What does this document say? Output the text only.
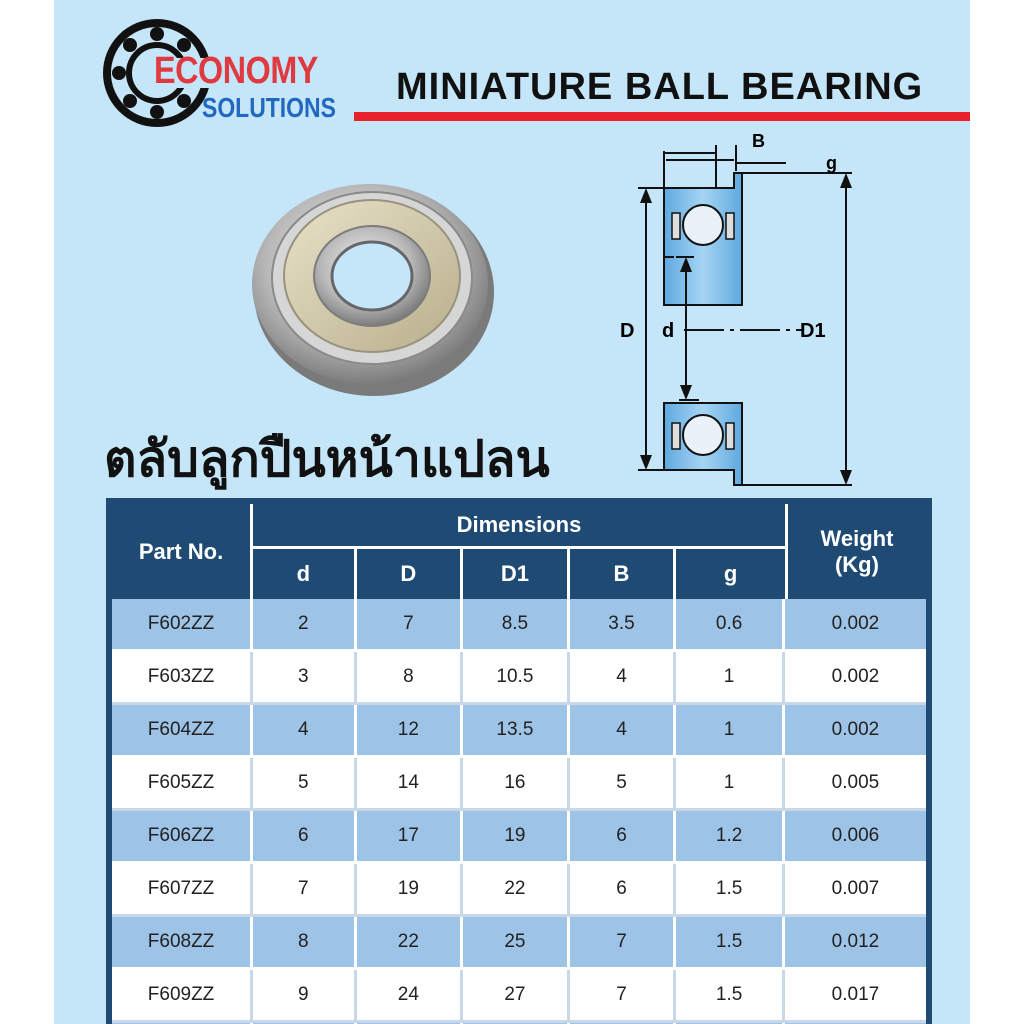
ECONOMY
SOLUTIONS MINIATURE BALL BEARING
B
g
D d	D1
ตลับลูกปืนหน้าแปลน
Part No.	Dimensions					Weight
(Kg)
	d	D	D1	B	g	
F602ZZ	2	7	8.5	3.5	0.6	0.002
F603ZZ	3	8	10.5	4	1	0.002
F604ZZ	4	12	13.5	4	1	0.002
F605ZZ	5	14	16	5	1	0.005
F606ZZ	6	17	19	6	1.2	0.006
F607ZZ	7	19	22	6	1.5	0.007
F608ZZ	8	22	25	7	1.5	0.012
F609ZZ	9	24	27	7	1.5	0.017
